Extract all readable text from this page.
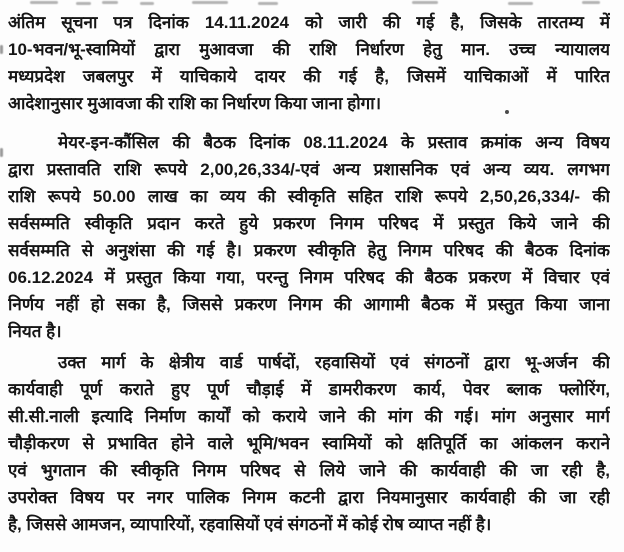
अंतिम सूचना पत्र दिनांक 14.11.2024 को जारी की गई है, जिसके तारतम्य में
10-भवन/भू-स्वामियों द्वारा मुआवजा की राशि निर्धारण हेतु मान. उच्च न्यायालय
मध्यप्रदेश जबलपुर में याचिकाये दायर की गई है, जिसमें याचिकाओं में पारित
आदेशानुसार मुआवजा की राशि का निर्धारण किया जाना होगा।

मेयर-इन-कौंसिल की बैठक दिनांक 08.11.2024 के प्रस्ताव क्रमांक अन्य विषय
द्वारा प्रस्तावति राशि रूपये 2,00,26,334/-एवं अन्य प्रशासनिक एवं अन्य व्यय. लगभग
राशि रूपये 50.00 लाख का व्यय की स्वीकृति सहित राशि रूपये 2,50,26,334/- की
सर्वसम्मति स्वीकृति प्रदान करते हुये प्रकरण निगम परिषद में प्रस्तुत किये जाने की
सर्वसम्मति से अनुशंसा की गई है। प्रकरण स्वीकृति हेतु निगम परिषद की बैठक दिनांक
06.12.2024 में प्रस्तुत किया गया, परन्तु निगम परिषद की बैठक प्रकरण में विचार एवं
निर्णय नहीं हो सका है, जिससे प्रकरण निगम की आगामी बैठक में प्रस्तुत किया जाना
नियत है।

उक्त मार्ग के क्षेत्रीय वार्ड पार्षदों, रहवासियों एवं संगठनों द्वारा भू-अर्जन की
कार्यवाही पूर्ण कराते हुए पूर्ण चौड़ाई में डामरीकरण कार्य, पेवर ब्लाक फ्लोरिंग,
सी.सी.नाली इत्यादि निर्माण कार्यों को कराये जाने की मांग की गई। मांग अनुसार मार्ग
चौड़ीकरण से प्रभावित होने वाले भूमि/भवन स्वामियों को क्षतिपूर्ति का आंकलन कराने
एवं भुगतान की स्वीकृति निगम परिषद से लिये जाने की कार्यवाही की जा रही है,
उपरोक्त विषय पर नगर पालिक निगम कटनी द्वारा नियमानुसार कार्यवाही की जा रही
है, जिससे आमजन, व्यापारियों, रहवासियों एवं संगठनों में कोई रोष व्याप्त नहीं है।
